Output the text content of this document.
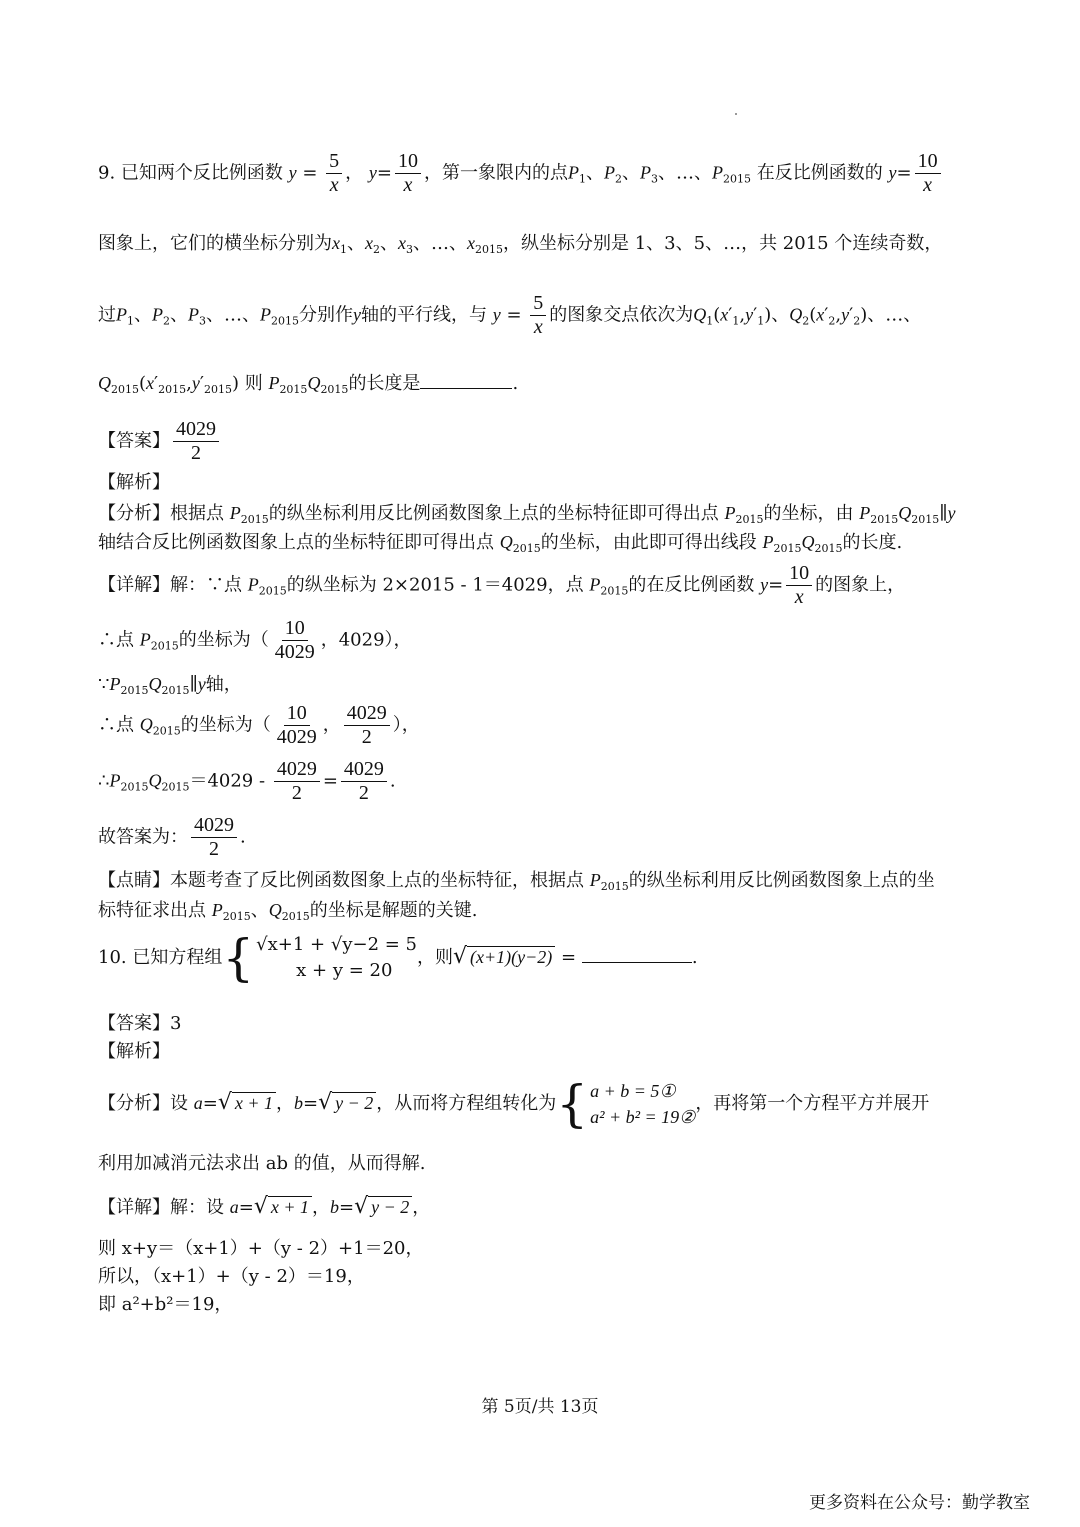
9. 已知两个反比例函数 $y = \frac{5}{x}$ ， $y= \frac{10}{x}$ ，第一象限内的点$P_1$、$P_2$、$P_3$、…、$P_{2015}$ 在反比例函数的 $y= \frac{10}{x}$
图象上，它们的横坐标分别为$x_1$、$x_2$、$x_3$、…、$x_{2015}$，纵坐标分别是 1、3、5、…，共 2015 个连续奇数，
过$P_1$、$P_2$、$P_3$、…、$P_{2015}$分别作y轴的平行线，与 $y = \frac{5}{x}$ 的图象交点依次为$Q_1(x'_1,y'_1)$、$Q_2(x'_2,y'_2)$、…、
$Q_{2015}(x'_{2015},y'_{2015})$ 则 $P_{2015}Q_{2015}$的长度是	.
【答案】 $\frac{4029}{2}$
【解析】
【分析】根据点 $P_{2015}$的纵坐标利用反比例函数图象上点的坐标特征即可得出点 $P_{2015}$的坐标，由 $P_{2015}Q_{2015}\parallel y$
轴结合反比例函数图象上点的坐标特征即可得出点 $Q_{2015}$的坐标，由此即可得出线段 $P_{2015}Q_{2015}$的长度.
【详解】解：∵点 $P_{2015}$的纵坐标为 2×2015 - 1＝4029，点 $P_{2015}$的在反比例函数 $y= \frac{10}{x}$ 的图象上，
∴点 $P_{2015}$的坐标为（ $\frac{10}{4029}$ ，4029），
$\because P_{2015}Q_{2015}\parallel y$轴，
∴点 $Q_{2015}$的坐标为（ $\frac{10}{4029}$ ， $\frac{4029}{2}$ ），
$\therefore P_{2015}Q_{2015}=4029 - \frac{4029}{2} = \frac{4029}{2}$ .
故答案为： $\frac{4029}{2}$ .
【点睛】本题考查了反比例函数图象上点的坐标特征，根据点 $P_{2015}$的纵坐标利用反比例函数图象上点的坐
标特征求出点 $P_{2015}$、$Q_{2015}$的坐标是解题的关键.
10. 已知方程组 { √x+1 + √y−2 = 5
x + y = 20
，则√ (x+1)(y−2) =	.
【答案】3
【解析】
【分析】设 a=√ x + 1 ，b=√ y − 2 ，从而将方程组转化为 { a + b = 5①
a² + b² = 19②
，再将第一个方程平方并展开
利用加减消元法求出 ab 的值，从而得解.
【详解】解：设 a=√ x + 1 ，b=√ y − 2 ，
则 x+y＝（x+1）+（y - 2）+1＝20，
所以，（x+1）+（y - 2）＝19，
即 a²+b²＝19，
第 5页/共 13页
更多资料在公众号：勤学教室
